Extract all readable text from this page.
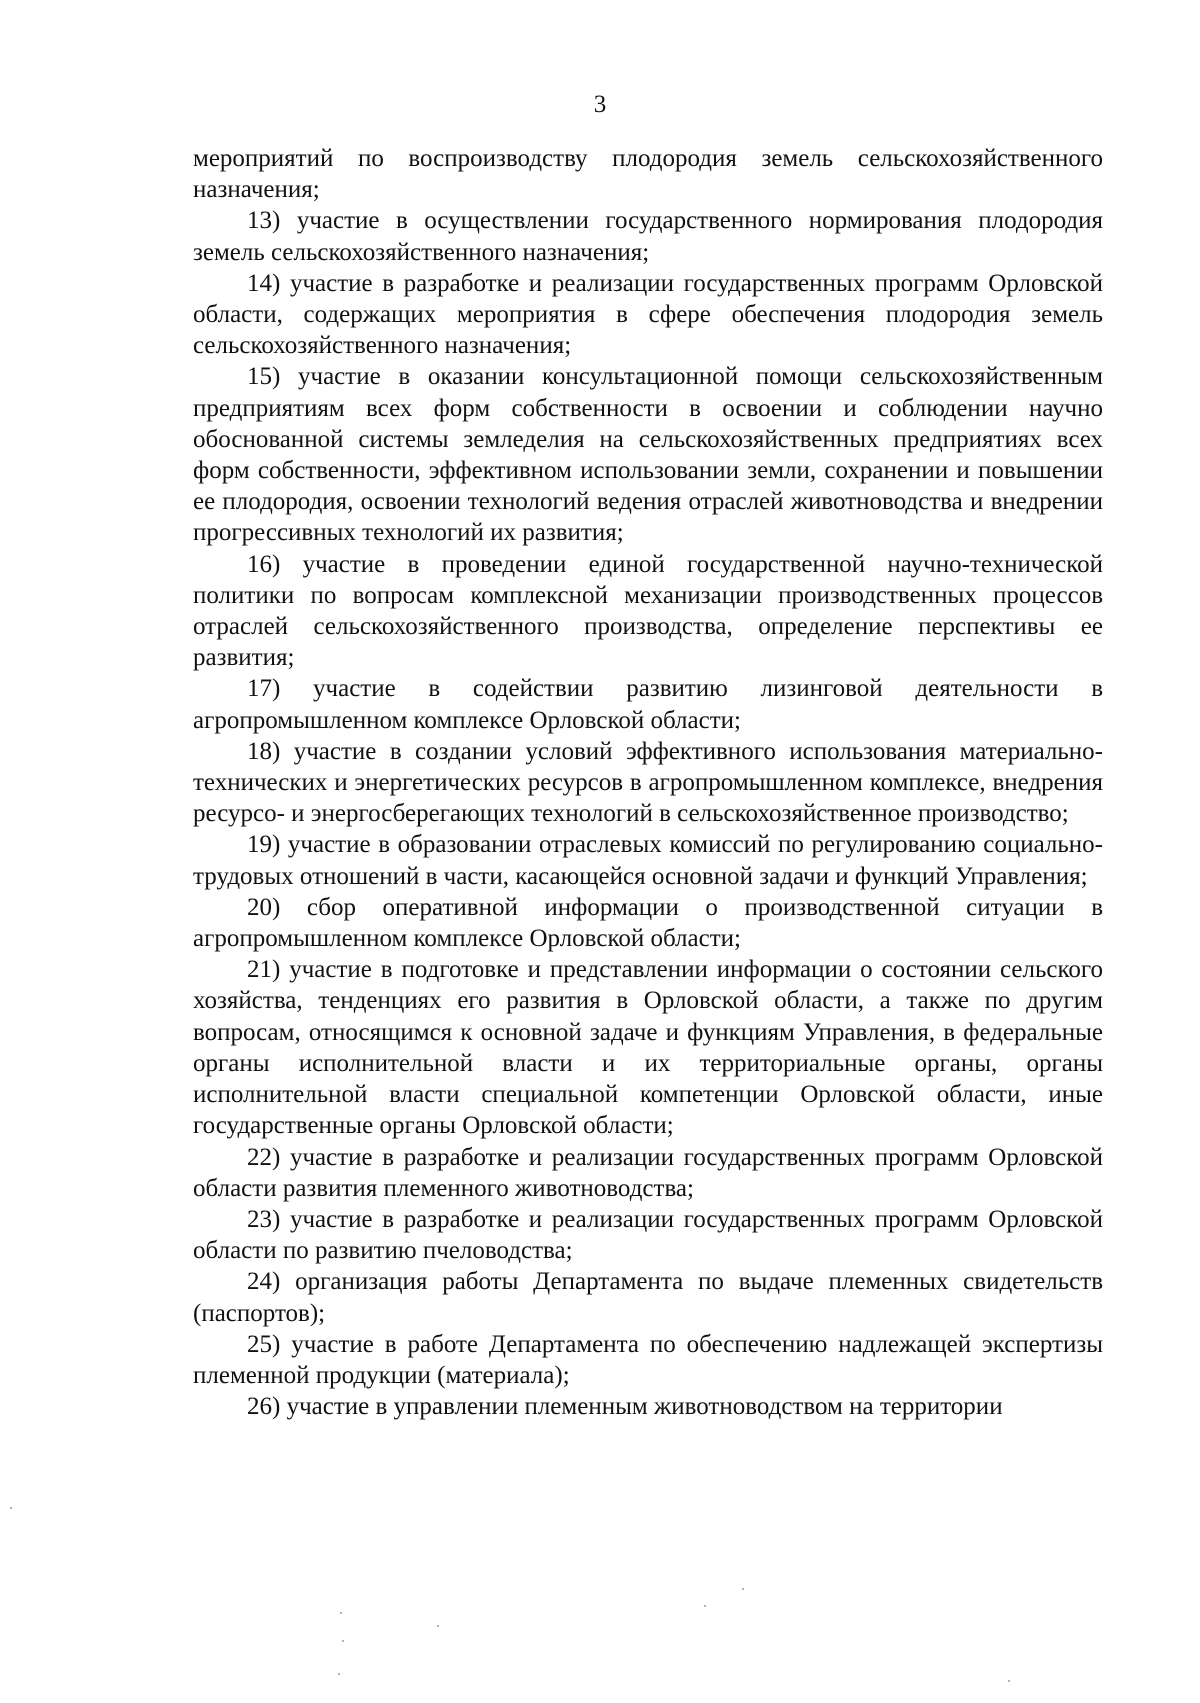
3

мероприятий по воспроизводству плодородия земель сельскохозяйственного назначения;

13) участие в осуществлении государственного нормирования плодородия земель сельскохозяйственного назначения;

14) участие в разработке и реализации государственных программ Орловской области, содержащих мероприятия в сфере обеспечения плодородия земель сельскохозяйственного назначения;

15) участие в оказании консультационной помощи сельскохозяйственным предприятиям всех форм собственности в освоении и соблюдении научно обоснованной системы земледелия на сельскохозяйственных предприятиях всех форм собственности, эффективном использовании земли, сохранении и повышении ее плодородия, освоении технологий ведения отраслей животноводства и внедрении прогрессивных технологий их развития;

16) участие в проведении единой государственной научно-технической политики по вопросам комплексной механизации производственных процессов отраслей сельскохозяйственного производства, определение перспективы ее развития;

17) участие в содействии развитию лизинговой деятельности в агропромышленном комплексе Орловской области;

18) участие в создании условий эффективного использования материально-технических и энергетических ресурсов в агропромышленном комплексе, внедрения ресурсо- и энергосберегающих технологий в сельскохозяйственное производство;

19) участие в образовании отраслевых комиссий по регулированию социально-трудовых отношений в части, касающейся основной задачи и функций Управления;

20) сбор оперативной информации о производственной ситуации в агропромышленном комплексе Орловской области;

21) участие в подготовке и представлении информации о состоянии сельского хозяйства, тенденциях его развития в Орловской области, а также по другим вопросам, относящимся к основной задаче и функциям Управления, в федеральные органы исполнительной власти и их территориальные органы, органы исполнительной власти специальной компетенции Орловской области, иные государственные органы Орловской области;

22) участие в разработке и реализации государственных программ Орловской области развития племенного животноводства;

23) участие в разработке и реализации государственных программ Орловской области по развитию пчеловодства;

24) организация работы Департамента по выдаче племенных свидетельств (паспортов);

25) участие в работе Департамента по обеспечению надлежащей экспертизы племенной продукции (материала);

26) участие в управлении племенным животноводством на территории
